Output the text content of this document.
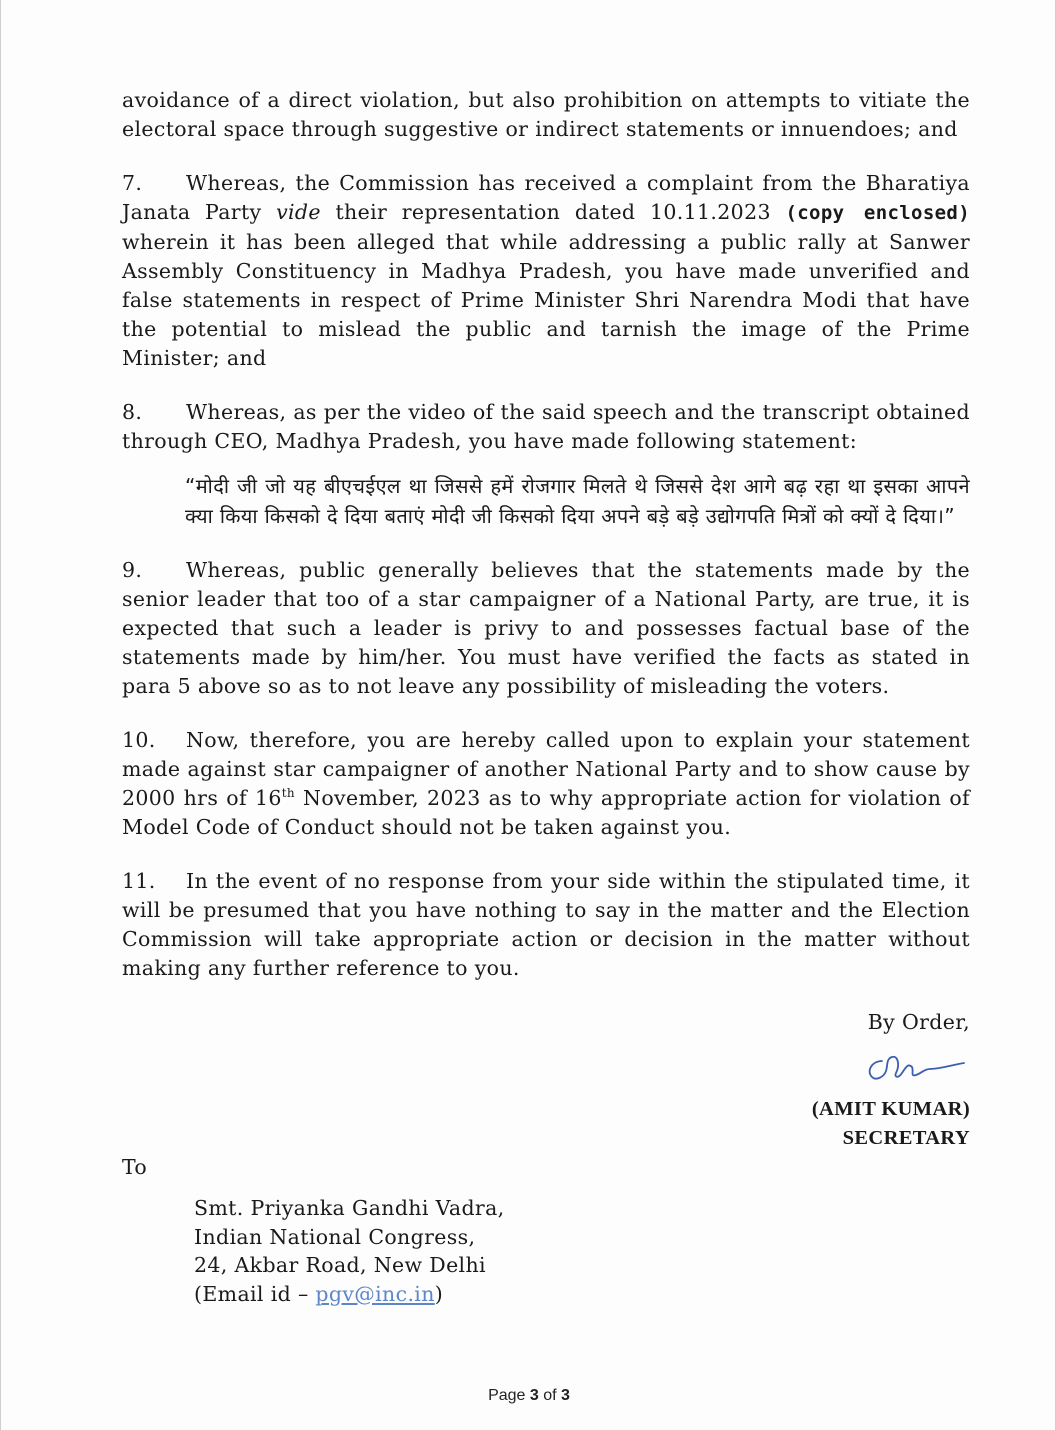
avoidance of a direct violation, but also prohibition on attempts to vitiate the electoral space through suggestive or indirect statements or innuendoes; and

7. Whereas, the Commission has received a complaint from the Bharatiya Janata Party vide their representation dated 10.11.2023 (copy enclosed) wherein it has been alleged that while addressing a public rally at Sanwer Assembly Constituency in Madhya Pradesh, you have made unverified and false statements in respect of Prime Minister Shri Narendra Modi that have the potential to mislead the public and tarnish the image of the Prime Minister; and

8. Whereas, as per the video of the said speech and the transcript obtained through CEO, Madhya Pradesh, you have made following statement:

“मोदी जी जो यह बीएचईएल था जिससे हमें रोजगार मिलते थे जिससे देश आगे बढ़ रहा था इसका आपने क्या किया किसको दे दिया बताएं मोदी जी किसको दिया अपने बड़े बड़े उद्योगपति मित्रों को क्यों दे दिया।”

9. Whereas, public generally believes that the statements made by the senior leader that too of a star campaigner of a National Party, are true, it is expected that such a leader is privy to and possesses factual base of the statements made by him/her. You must have verified the facts as stated in para 5 above so as to not leave any possibility of misleading the voters.

10. Now, therefore, you are hereby called upon to explain your statement made against star campaigner of another National Party and to show cause by 2000 hrs of 16th November, 2023 as to why appropriate action for violation of Model Code of Conduct should not be taken against you.

11. In the event of no response from your side within the stipulated time, it will be presumed that you have nothing to say in the matter and the Election Commission will take appropriate action or decision in the matter without making any further reference to you.

By Order,
(AMIT KUMAR)
SECRETARY
To
Smt. Priyanka Gandhi Vadra,
Indian National Congress,
24, Akbar Road, New Delhi
(Email id – pgv@inc.in)
Page 3 of 3
